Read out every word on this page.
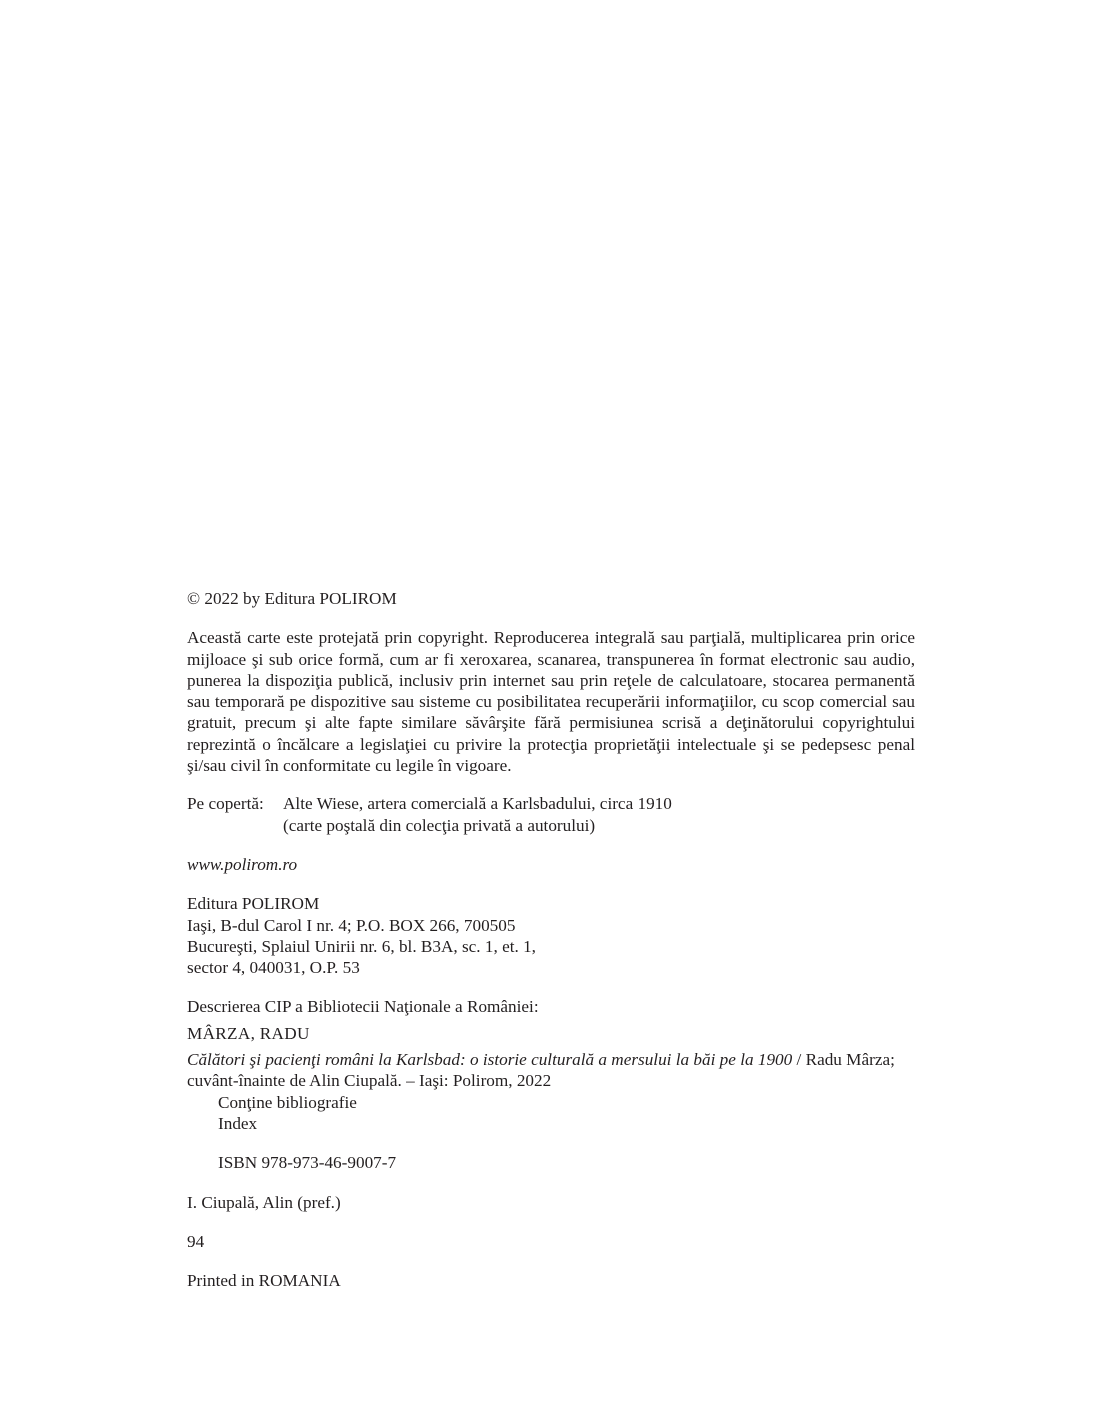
© 2022 by Editura POLIROM

Această carte este protejată prin copyright. Reproducerea integrală sau parţială, multiplicarea prin orice mijloace şi sub orice formă, cum ar fi xeroxarea, scanarea, transpunerea în format electronic sau audio, punerea la dispoziţia publică, inclusiv prin internet sau prin reţele de calculatoare, stocarea permanentă sau temporară pe dispozitive sau sisteme cu posibilitatea recuperării informaţiilor, cu scop comercial sau gratuit, precum şi alte fapte similare săvârşite fără permisiunea scrisă a deţinătorului copyrightului reprezintă o încălcare a legislaţiei cu privire la protecţia proprietăţii intelectuale şi se pedepsesc penal şi/sau civil în conformitate cu legile în vigoare.

Pe copertă:	Alte Wiese, artera comercială a Karlsbadului, circa 1910
(carte poştală din colecţia privată a autorului)

www.polirom.ro

Editura POLIROM
Iaşi, B-dul Carol I nr. 4; P.O. BOX 266, 700505
Bucureşti, Splaiul Unirii nr. 6, bl. B3A, sc. 1, et. 1,
sector 4, 040031, O.P. 53

Descrierea CIP a Bibliotecii Naţionale a României:

MÂRZA, RADU

Călători şi pacienţi români la Karlsbad: o istorie culturală a mersului la băi pe la 1900 / Radu Mârza; cuvânt-înainte de Alin Ciupală. – Iaşi: Polirom, 2022

Conţine bibliografie
Index
ISBN 978-973-46-9007-7
I. Ciupală, Alin (pref.)
94
Printed in ROMANIA
